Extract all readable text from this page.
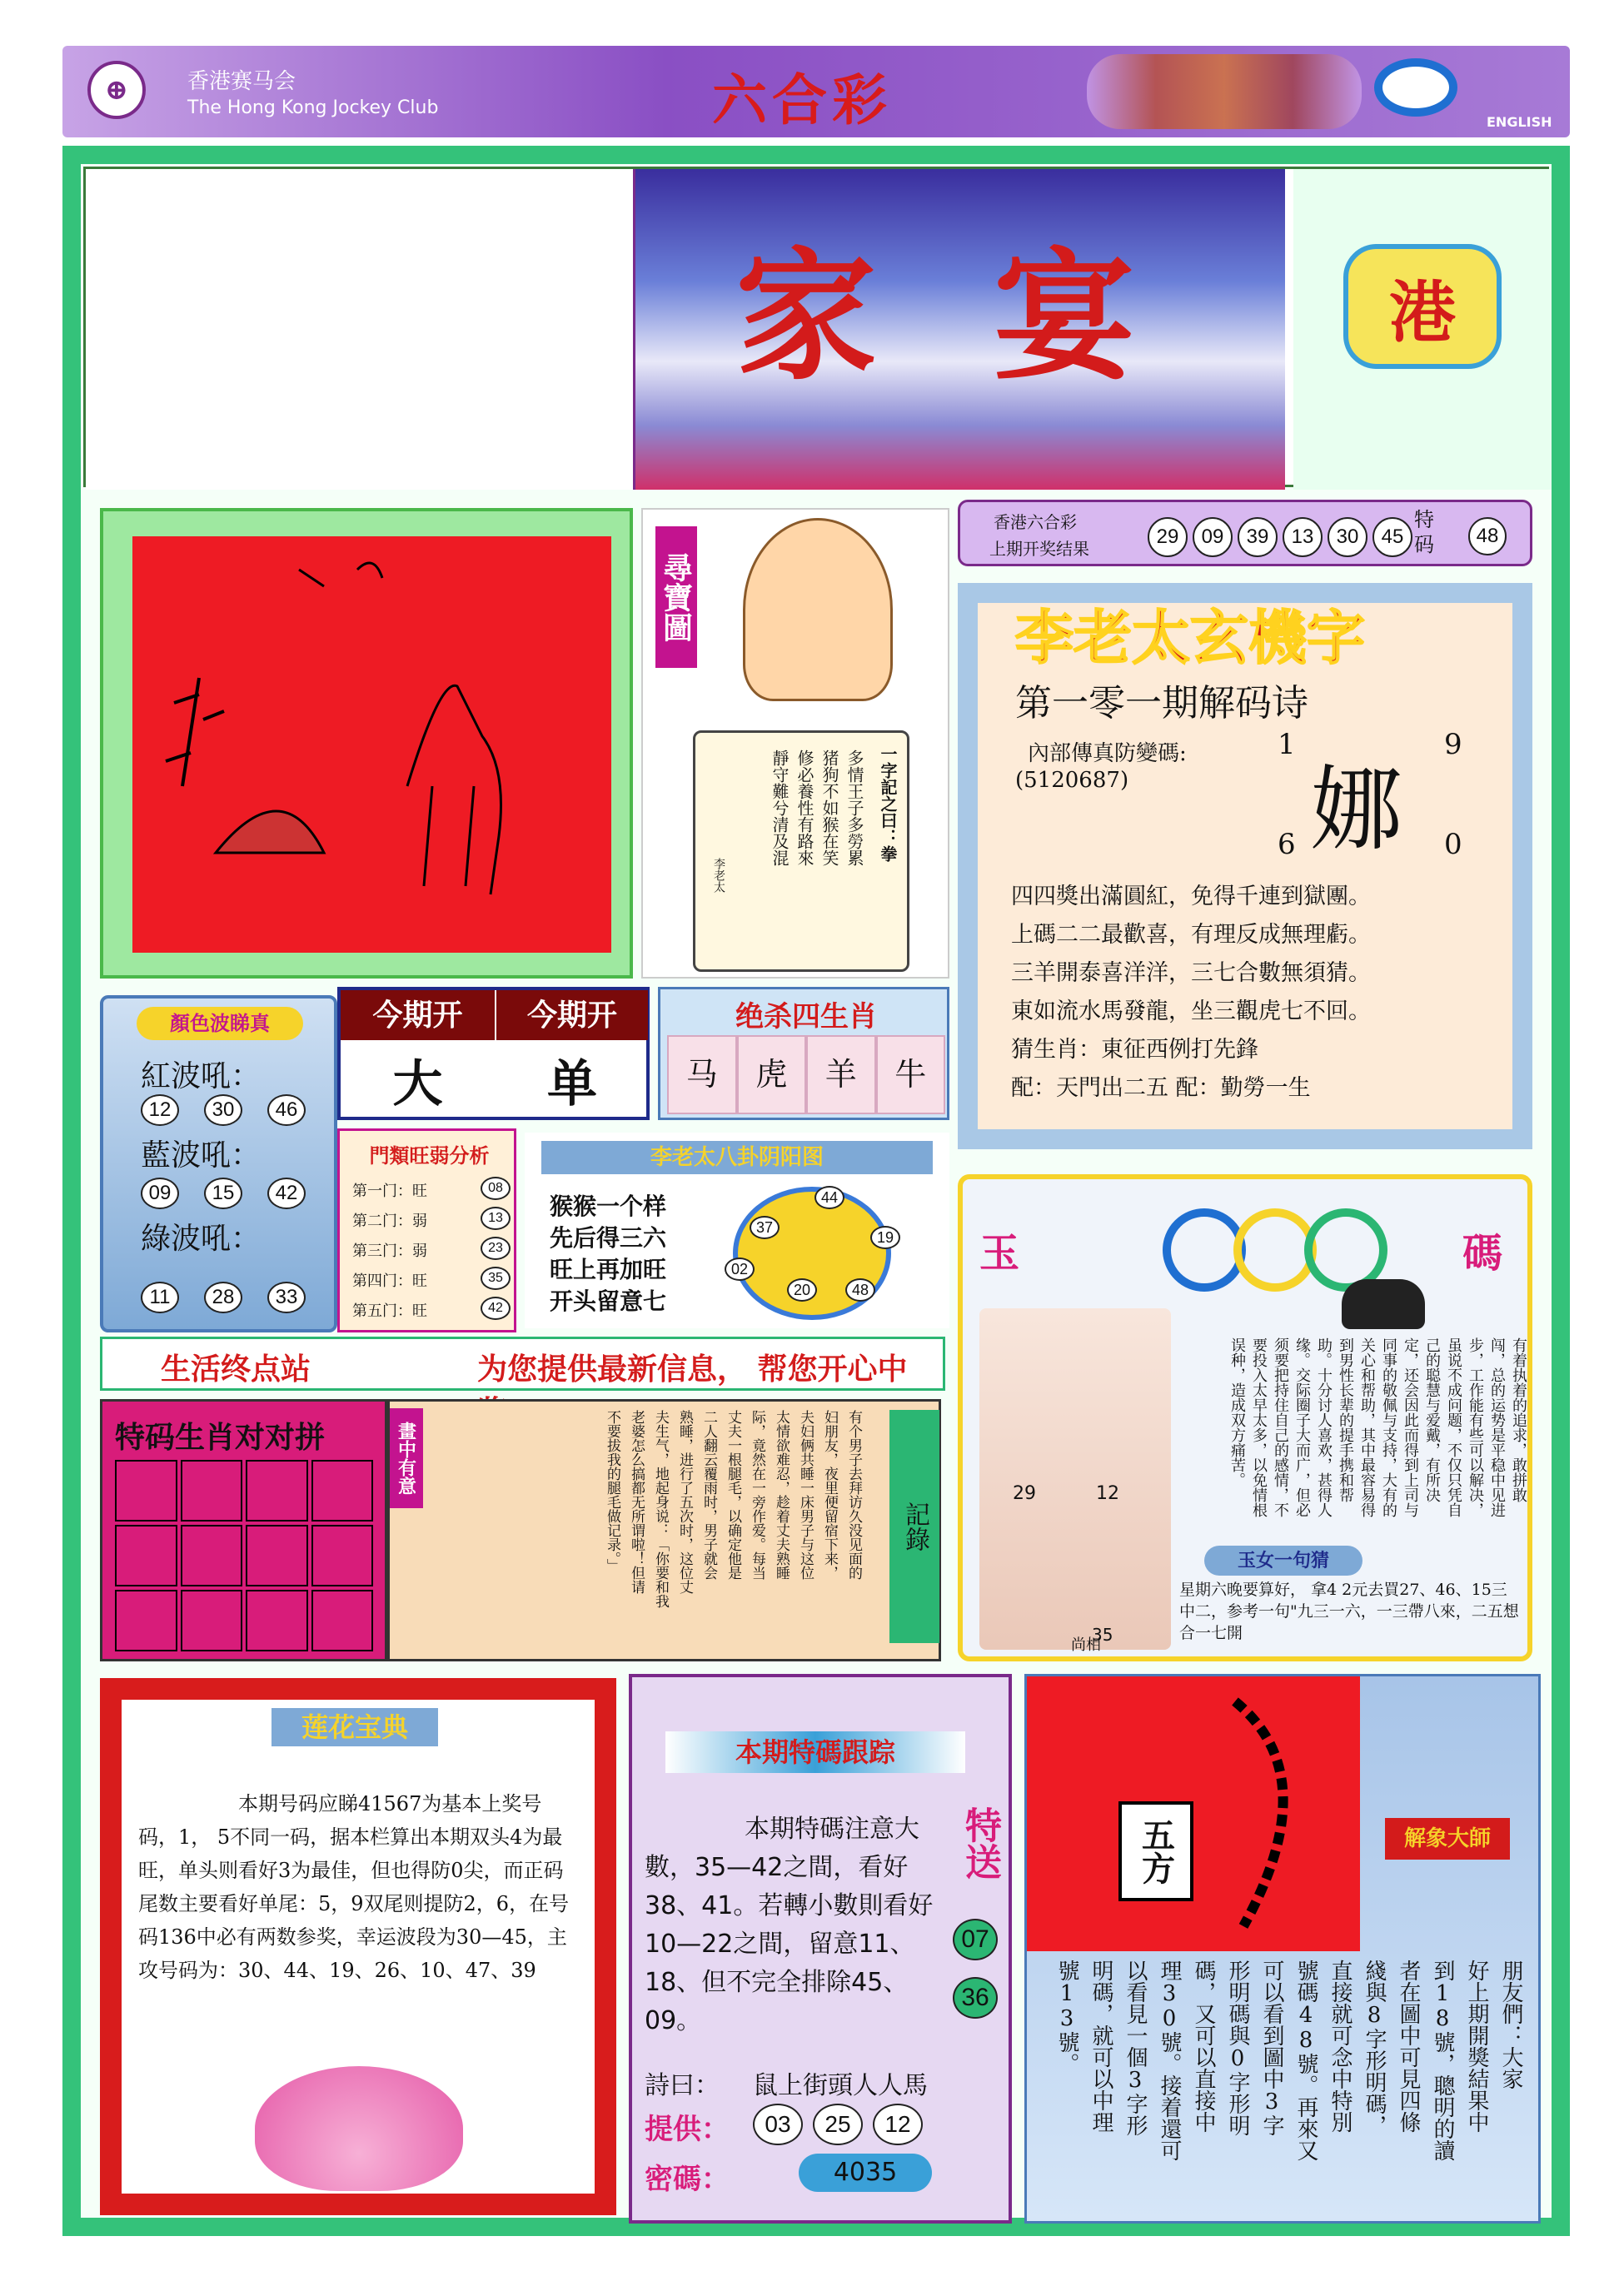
⊕	香港赛马会
The Hong Kong Jockey Club	六合彩	ENGLISH
家宴	港
尋寶圖
一字記之曰：拳
多情王子多勞累
猪狗不如猴在笑
修必養性有路來
靜守難兮清及混
李老太
香港六合彩
上期开奖结果
29	09	39	13	30	45
特码	48
李老太玄機字
第一零一期解码诗
內部傳真防變碼:
(5120687) 娜
1	9
6	0
四四獎出滿圓紅，免得千連到獄團。
上碼二二最歡喜，有理反成無理虧。
三羊開泰喜洋洋，三七合數無須猜。
東如流水馬發龍，坐三觀虎七不回。
猜生肖：東征西例打先鋒
配：天門出二五 配：勤勞一生
顏色波睇真
紅波吼：
12	30	46
藍波吼：
09	15	42
綠波吼：
11	28	33
今期开	今期开
大	单
绝杀四生肖
马	虎	羊	牛
門類旺弱分析
第一门：旺	08
第二门：弱	13
第三门：弱	23
第四门：旺	35
第五门：旺	42
李老太八卦阴阳图
猴猴一个样
先后得三六
旺上再加旺
开头留意七
44
37
19
02
20	48
生活终点站	为您提供最新信息， 帮您开心中
特码生肖对对拼	畫中有意	有个男子去拜访久没见面的
妇朋友，夜里便留宿下来，
夫妇俩共睡一床男子与这位
太情欲难忍，趁着丈夫熟睡
际，竟然在一旁作爱。每当
丈夫一根腿毛，以确定他是
二人翻云覆雨时，男子就会
熟睡，进行了五次时，这位丈
夫生气，地起身说：「你要和我
老婆怎么搞都无所谓啦！但请
不要拔我的腿毛做记录。」	記錄
玉	碼
29	12
35
尚相
有着执着的追求，敢拼敢闯，总的运势是平稳中见进步，工作能有些可以解决，虽说不成问题，不仅只凭自己的聪慧与爱戴，有所决定，还会因此而得到上司与同事的敬佩与支持，大有的关心和帮助，其中最容易得到男性长辈的提手携和帮助。十分讨人喜欢，甚得人缘。交际圈子大而广，但必须要把持住自己的感情，不要投入太早太多，以免情根误种，造成双方痛苦。
玉女一句猜
星期六晚要算好， 拿4 2元去買27、46、15三中二，参考一句"九三一六，一三帶八來，二五想合一七開
莲花宝典
本期号码应睇41567为基本上奖号码，1， 5不同一码，据本栏算出本期双头4为最旺，单头则看好3为最佳，但也得防0尖，而正码尾数主要看好单尾：5，9双尾则提防2，6，在号码136中必有两数参奖，幸运波段为30—45，主攻号码为：30、44、19、26、10、47、39
本期特碼跟踪
本期特碼注意大數，35—42之間，看好38、41。若轉小數則看好10—22之間，留意11、18、但不完全排除45、09。
特送
07
36
詩曰： 鼠上街頭人人馬
提供：	03	25	12
密碼：	4035
五方	解象大師
朋友們：大家
好上期開獎結果中
到18號，聰明的讀
者在圖中可見四條
綫與8字形明碼，
直接就可念中特別
號碼48號。再來又
可以看到圖中3字
形明碼與0字形明
碼，又可以直接中
理30號。接着還可
以看見一個3字形
明碼，就可以中理
號13號。
